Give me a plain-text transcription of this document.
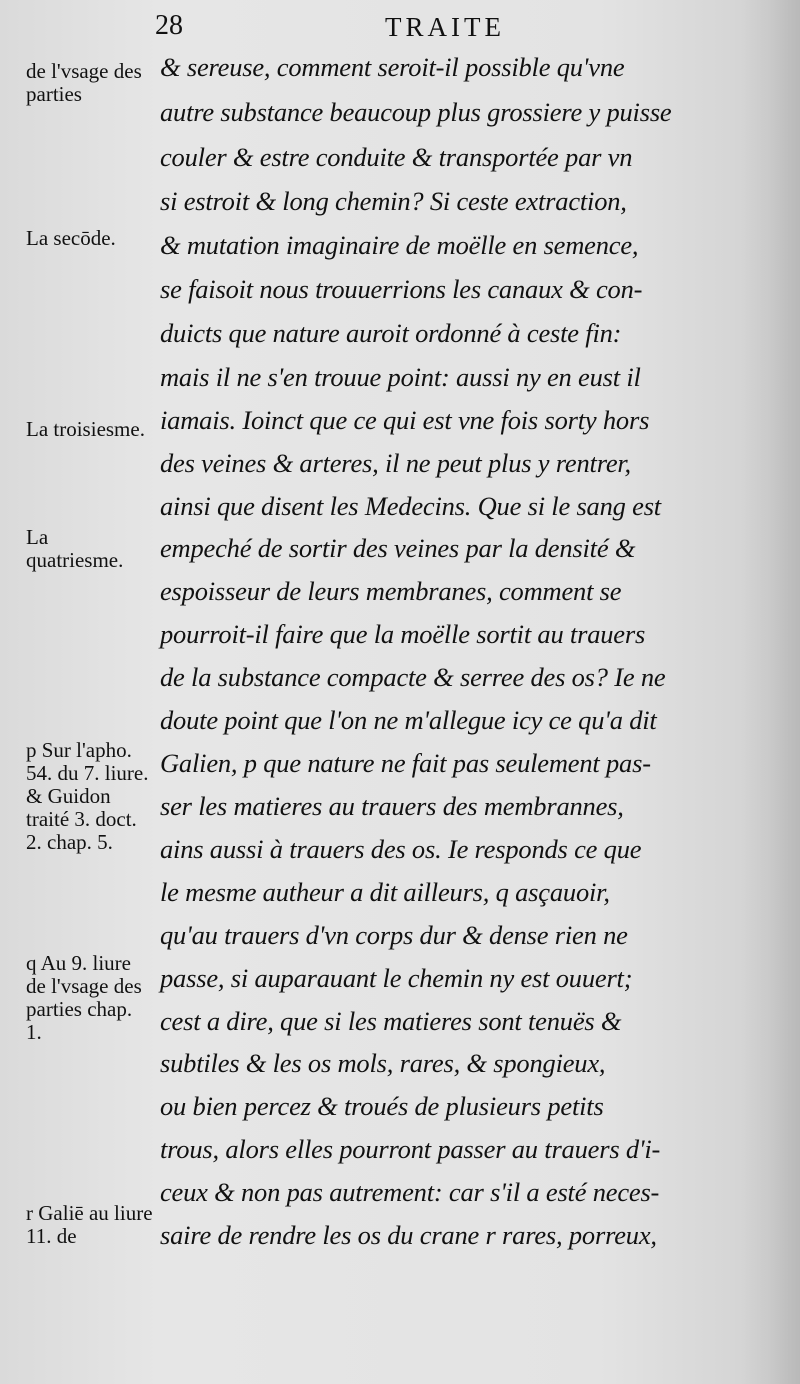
28	TRAITE
de l'vsage des parties
La secōde.
La troisiesme.
La quatriesme.
p Sur l'apho. 54. du 7. liure. & Guidon traité 3. doct. 2. chap. 5.
q Au 9. liure de l'vsage des parties chap. 1.
r Galiē au liure 11. de
& sereuse, comment seroit-il possible qu'vne
autre substance beaucoup plus grossiere y puisse
couler & estre conduite & transportée par vn
si estroit & long chemin? Si ceste extraction,
& mutation imaginaire de moëlle en semence,
se faisoit nous trouuerrions les canaux & con-
duicts que nature auroit ordonné à ceste fin:
mais il ne s'en trouue point: aussi ny en eust il
iamais. Ioinct que ce qui est vne fois sorty hors
des veines & arteres, il ne peut plus y rentrer,
ainsi que disent les Medecins. Que si le sang est
empeché de sortir des veines par la densité &
espoisseur de leurs membranes, comment se
pourroit-il faire que la moëlle sortit au trauers
de la substance compacte & serree des os? Ie ne
doute point que l'on ne m'allegue icy ce qu'a dit
Galien, p que nature ne fait pas seulement pas-
ser les matieres au trauers des membrannes,
ains aussi à trauers des os. Ie responds ce que
le mesme autheur a dit ailleurs, q asçauoir,
qu'au trauers d'vn corps dur & dense rien ne
passe, si auparauant le chemin ny est ouuert;
cest a dire, que si les matieres sont tenuës &
subtiles & les os mols, rares, & spongieux,
ou bien percez & troués de plusieurs petits
trous, alors elles pourront passer au trauers d'i-
ceux & non pas autrement: car s'il a esté neces-
saire de rendre les os du crane r rares, porreux,
